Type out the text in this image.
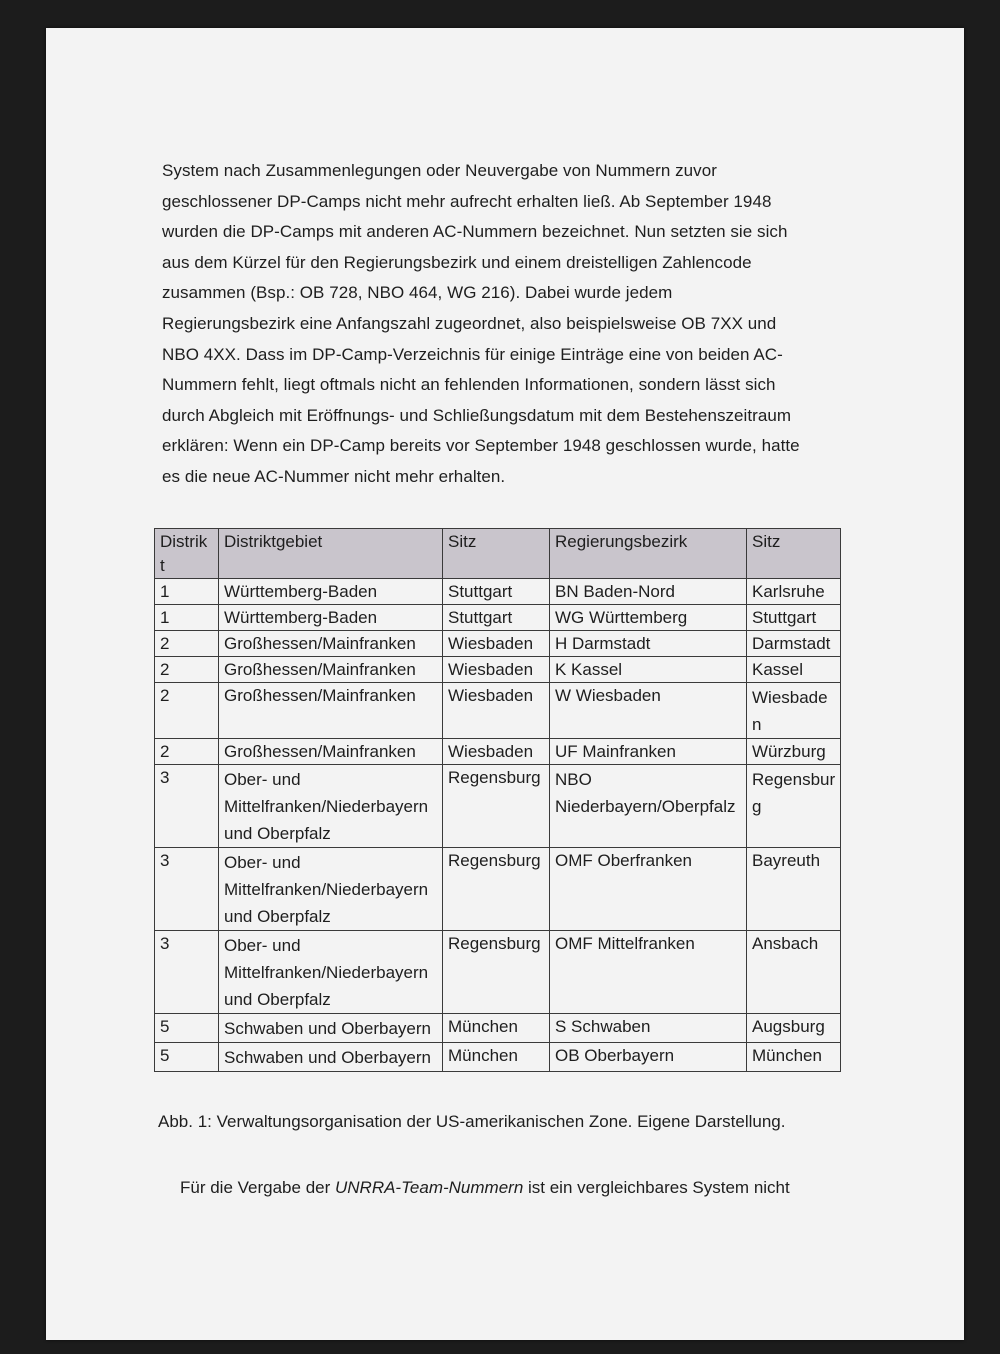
System nach Zusammenlegungen oder Neuvergabe von Nummern zuvor
geschlossener DP-Camps nicht mehr aufrecht erhalten ließ. Ab September 1948
wurden die DP-Camps mit anderen AC-Nummern bezeichnet. Nun setzten sie sich
aus dem Kürzel für den Regierungsbezirk und einem dreistelligen Zahlencode
zusammen (Bsp.: OB 728, NBO 464, WG 216). Dabei wurde jedem
Regierungsbezirk eine Anfangszahl zugeordnet, also beispielsweise OB 7XX und
NBO 4XX. Dass im DP-Camp-Verzeichnis für einige Einträge eine von beiden AC-
Nummern fehlt, liegt oftmals nicht an fehlenden Informationen, sondern lässt sich
durch Abgleich mit Eröffnungs- und Schließungsdatum mit dem Bestehenszeitraum
erklären: Wenn ein DP-Camp bereits vor September 1948 geschlossen wurde, hatte
es die neue AC-Nummer nicht mehr erhalten.

Distrik t	Distriktgebiet	Sitz	Regierungsbezirk	Sitz
1	Württemberg-Baden	Stuttgart	BN Baden-Nord	Karlsruhe
1	Württemberg-Baden	Stuttgart	WG Württemberg	Stuttgart
2	Großhessen/Mainfranken	Wiesbaden	H Darmstadt	Darmstadt
2	Großhessen/Mainfranken	Wiesbaden	K Kassel	Kassel
2	Großhessen/Mainfranken	Wiesbaden	W Wiesbaden	Wiesbaden
2	Großhessen/Mainfranken	Wiesbaden	UF Mainfranken	Würzburg
3	Ober- und Mittelfranken/Niederbayern und Oberpfalz	Regensburg	NBO Niederbayern/Oberpfalz	Regensburg
3	Ober- und Mittelfranken/Niederbayern und Oberpfalz	Regensburg	OMF Oberfranken	Bayreuth
3	Ober- und Mittelfranken/Niederbayern und Oberpfalz	Regensburg	OMF Mittelfranken	Ansbach
5	Schwaben und Oberbayern	München	S Schwaben	Augsburg
5	Schwaben und Oberbayern	München	OB Oberbayern	München

Abb. 1: Verwaltungsorganisation der US-amerikanischen Zone. Eigene Darstellung.

Für die Vergabe der UNRRA-Team-Nummern ist ein vergleichbares System nicht
